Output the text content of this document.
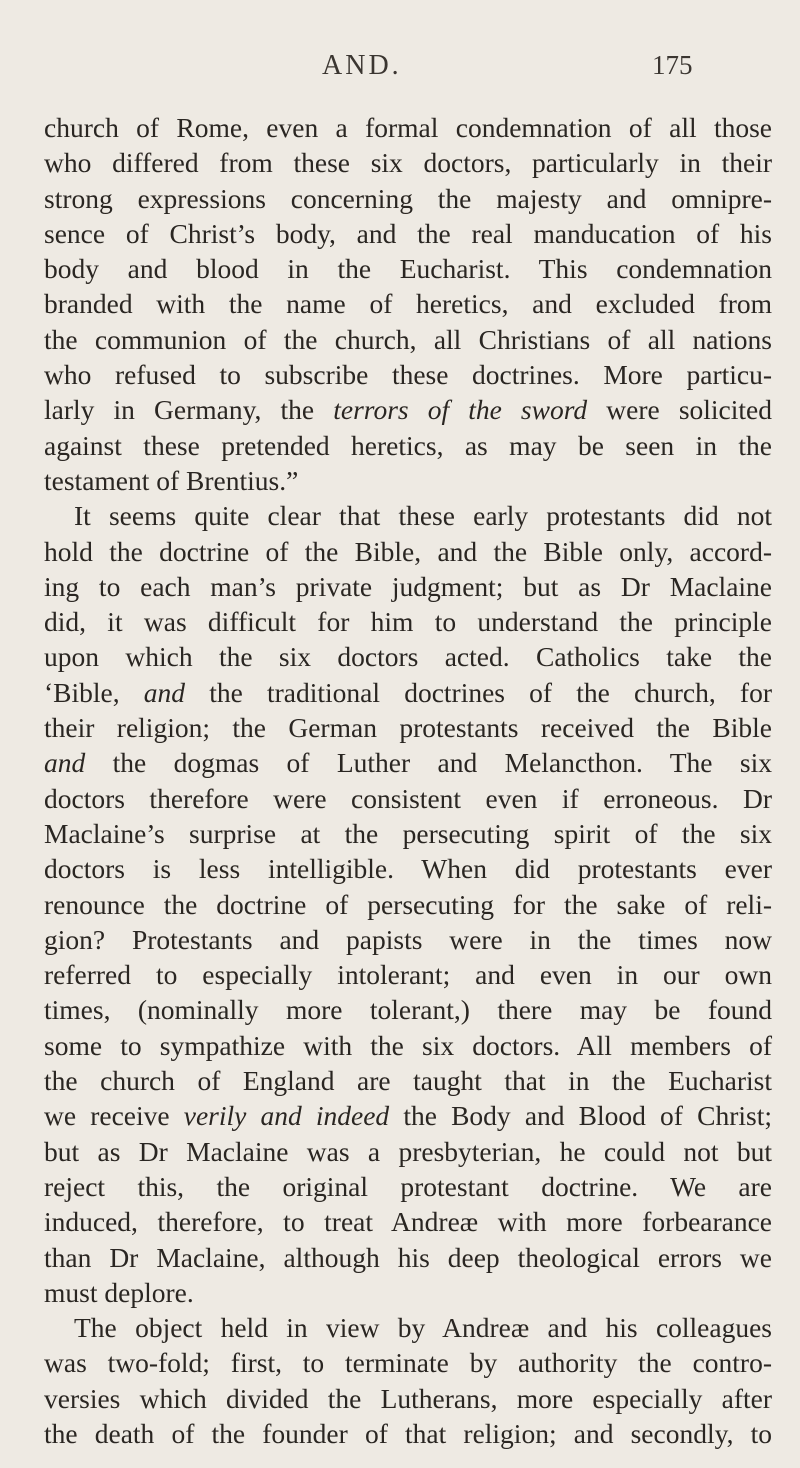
AND.	175
church of Rome, even a formal condemnation of all those
who differed from these six doctors, particularly in their
strong expressions concerning the majesty and omnipre-
sence of Christ’s body, and the real manducation of his
body and blood in the Eucharist. This condemnation
branded with the name of heretics, and excluded from
the communion of the church, all Christians of all nations
who refused to subscribe these doctrines. More particu-
larly in Germany, the terrors of the sword were solicited
against these pretended heretics, as may be seen in the
testament of Brentius.”
It seems quite clear that these early protestants did not
hold the doctrine of the Bible, and the Bible only, accord-
ing to each man’s private judgment; but as Dr Maclaine
did, it was difficult for him to understand the principle
upon which the six doctors acted. Catholics take the
‘Bible, and the traditional doctrines of the church, for
their religion; the German protestants received the Bible
and the dogmas of Luther and Melancthon. The six
doctors therefore were consistent even if erroneous. Dr
Maclaine’s surprise at the persecuting spirit of the six
doctors is less intelligible. When did protestants ever
renounce the doctrine of persecuting for the sake of reli-
gion? Protestants and papists were in the times now
referred to especially intolerant; and even in our own
times, (nominally more tolerant,) there may be found
some to sympathize with the six doctors. All members of
the church of England are taught that in the Eucharist
we receive verily and indeed the Body and Blood of Christ;
but as Dr Maclaine was a presbyterian, he could not but
reject this, the original protestant doctrine. We are
induced, therefore, to treat Andreæ with more forbearance
than Dr Maclaine, although his deep theological errors we
must deplore.
The object held in view by Andreæ and his colleagues
was two-fold; first, to terminate by authority the contro-
versies which divided the Lutherans, more especially after
the death of the founder of that religion; and secondly, to
